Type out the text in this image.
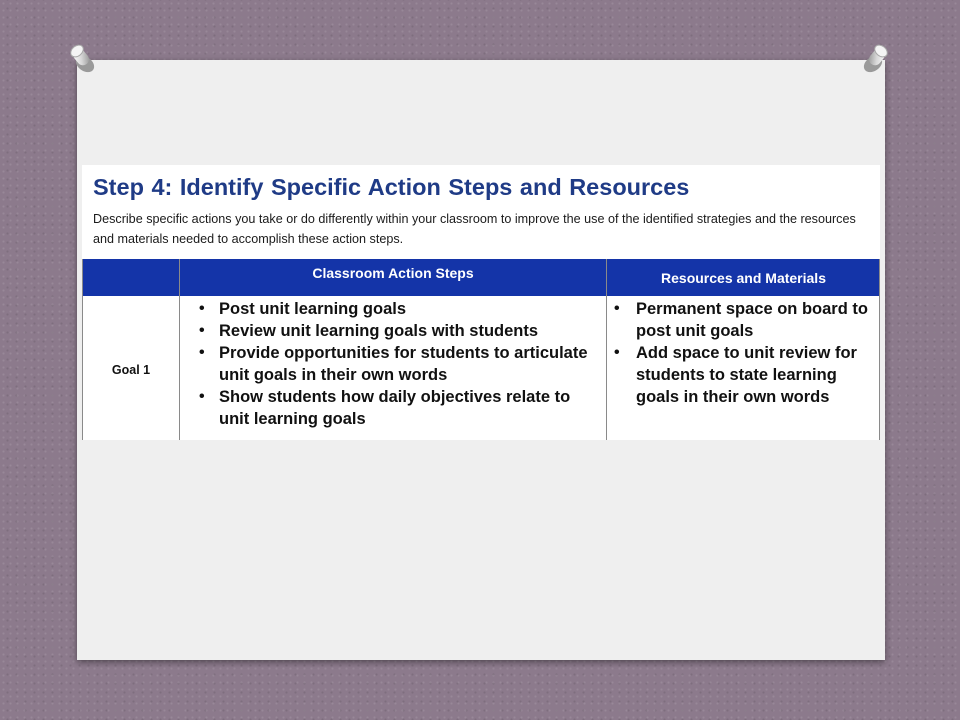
Step 4: Identify Specific Action Steps and Resources

Describe specific actions you take or do differently within your classroom to improve the use of the identified strategies and the resources and materials needed to accomplish these action steps.

Classroom Action Steps	Resources and Materials
Goal 1
• Post unit learning goals
• Review unit learning goals with students
• Provide opportunities for students to articulate unit goals in their own words
• Show students how daily objectives relate to unit learning goals
• Permanent space on board to post unit goals
• Add space to unit review for students to state learning goals in their own words
